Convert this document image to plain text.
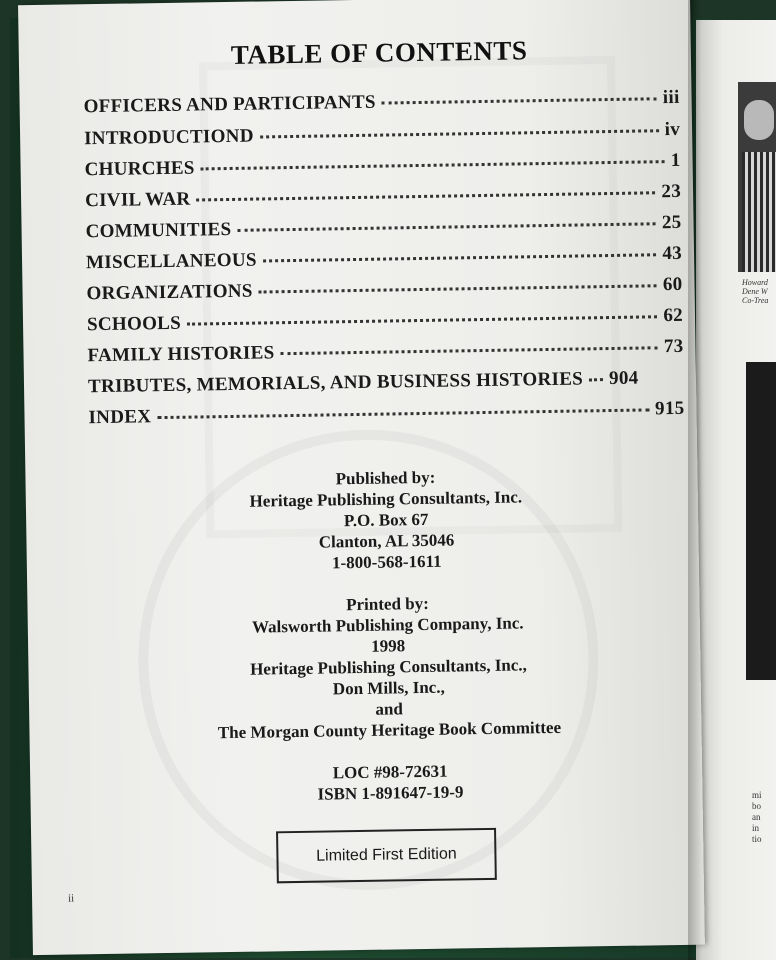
Howard
Dene W
Co-Trea
mi
bo
an
in
tio
TABLE OF CONTENTS
OFFICERS AND PARTICIPANTS	iii
INTRODUCTIOND	iv
CHURCHES	1
CIVIL WAR	23
COMMUNITIES	25
MISCELLANEOUS	43
ORGANIZATIONS	60
SCHOOLS	62
FAMILY HISTORIES	73
TRIBUTES, MEMORIALS, AND BUSINESS HISTORIES 904
INDEX	915
Published by:
Heritage Publishing Consultants, Inc.
P.O. Box 67
Clanton, AL 35046
1-800-568-1611
Printed by:
Walsworth Publishing Company, Inc.
1998
Heritage Publishing Consultants, Inc.,
Don Mills, Inc.,
and
The Morgan County Heritage Book Committee
LOC #98-72631
ISBN 1-891647-19-9
Limited First Edition
ii
